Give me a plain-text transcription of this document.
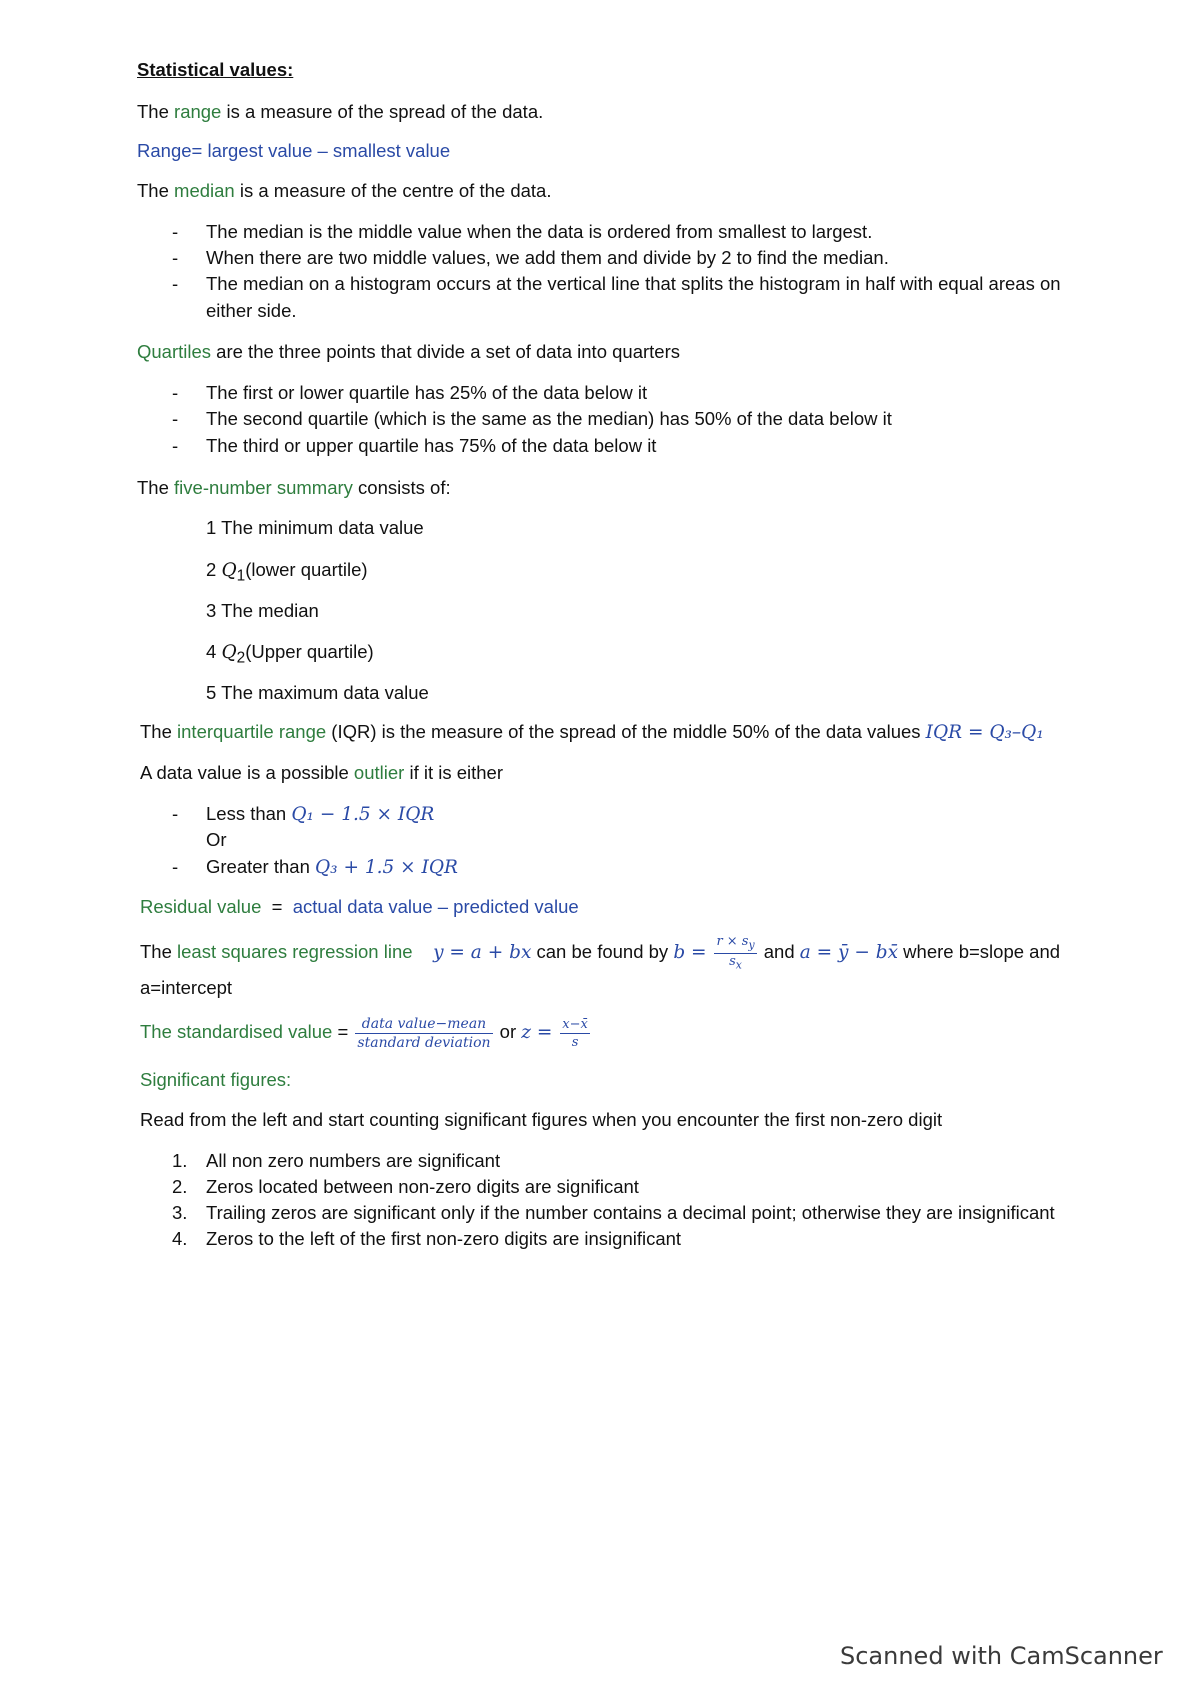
Statistical values:
The range is a measure of the spread of the data.
Range= largest value – smallest value
The median is a measure of the centre of the data.
- The median is the middle value when the data is ordered from smallest to largest.
- When there are two middle values, we add them and divide by 2 to find the median.
- The median on a histogram occurs at the vertical line that splits the histogram in half with equal areas on
either side.
Quartiles are the three points that divide a set of data into quarters
- The first or lower quartile has 25% of the data below it
- The second quartile (which is the same as the median) has 50% of the data below it
- The third or upper quartile has 75% of the data below it
The five-number summary consists of:
1 The minimum data value
2 $Q_1(lower$ quartile)
3 The median
4 $Q_2(Upper$ quartile)
5 The maximum data value
The interquartile range (IQR) is the measure of the spread of the middle 50% of the data values IQR = Q₃–Q₁
A data value is a possible outlier if it is either
- Less than Q₁ − 1.5 × IQR
Or
- Greater than Q₃ + 1.5 × IQR
Residual value  =  actual data value – predicted value
The least squares regression line y = a + bx can be found by $b = \frac{r \times s_y}{s_x}$ and a = ȳ − bx̄ where b=slope and
a=intercept
The standardised value = $\frac{\text{data value−mean}}{\text{standard deviation}}$ or $z = \frac{x-x̄}{s}$
Significant figures:
Read from the left and start counting significant figures when you encounter the first non-zero digit
1. All non zero numbers are significant
2. Zeros located between non-zero digits are significant
3. Trailing zeros are significant only if the number contains a decimal point; otherwise they are insignificant
4. Zeros to the left of the first non-zero digits are insignificant
Scanned with CamScanner
